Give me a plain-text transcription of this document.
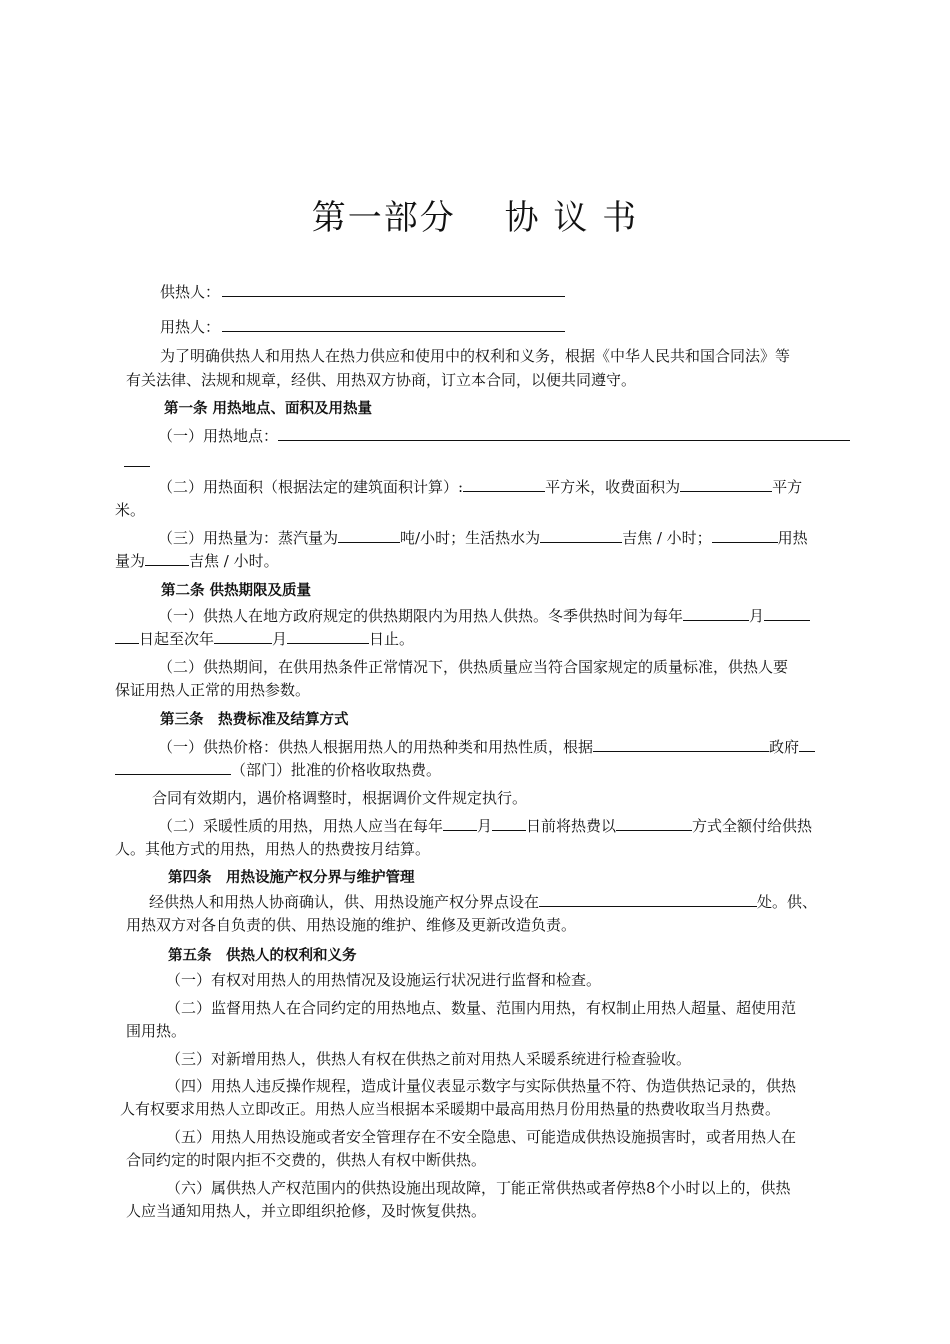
第一部分　 协 议 书
供热人：
用热人：
为了明确供热人和用热人在热力供应和使用中的权利和义务，根据《中华人民共和国合同法》等
有关法律、法规和规章，经供、用热双方协商，订立本合同，以便共同遵守。
第一条 用热地点、面积及用热量
（一）用热地点：
（二）用热面积（根据法定的建筑面积计算）:	平方米，收费面积为	平方
米。
（三）用热量为：蒸汽量为	吨/小时；生活热水为	吉焦 / 小时；	用热
量为	吉焦 / 小时。
第二条 供热期限及质量
（一）供热人在地方政府规定的供热期限内为用热人供热。冬季供热时间为每年	月
日起至次年	月	日止。
（二）供热期间，在供用热条件正常情况下，供热质量应当符合国家规定的质量标准，供热人要
保证用热人正常的用热参数。
第三条　热费标准及结算方式
（一）供热价格：供热人根据用热人的用热种类和用热性质，根据	政府
（部门）批准的价格收取热费。
合同有效期内，遇价格调整时，根据调价文件规定执行。
（二）采暖性质的用热，用热人应当在每年 月 日前将热费以	方式全额付给供热
人。其他方式的用热，用热人的热费按月结算。
第四条　用热设施产权分界与维护管理
经供热人和用热人协商确认，供、用热设施产权分界点设在	处。供、
用热双方对各自负责的供、用热设施的维护、维修及更新改造负责。
第五条　供热人的权利和义务
（一）有权对用热人的用热情况及设施运行状况进行监督和检查。
（二）监督用热人在合同约定的用热地点、数量、范围内用热，有权制止用热人超量、超使用范
围用热。
（三）对新增用热人，供热人有权在供热之前对用热人采暖系统进行检查验收。
（四）用热人违反操作规程，造成计量仪表显示数字与实际供热量不符、伪造供热记录的，供热
人有权要求用热人立即改正。用热人应当根据本采暖期中最高用热月份用热量的热费收取当月热费。
（五）用热人用热设施或者安全管理存在不安全隐患、可能造成供热设施损害时，或者用热人在
合同约定的时限内拒不交费的，供热人有权中断供热。
（六）属供热人产权范围内的供热设施出现故障，丁能正常供热或者停热8个小时以上的，供热
人应当通知用热人，并立即组织抢修，及时恢复供热。
